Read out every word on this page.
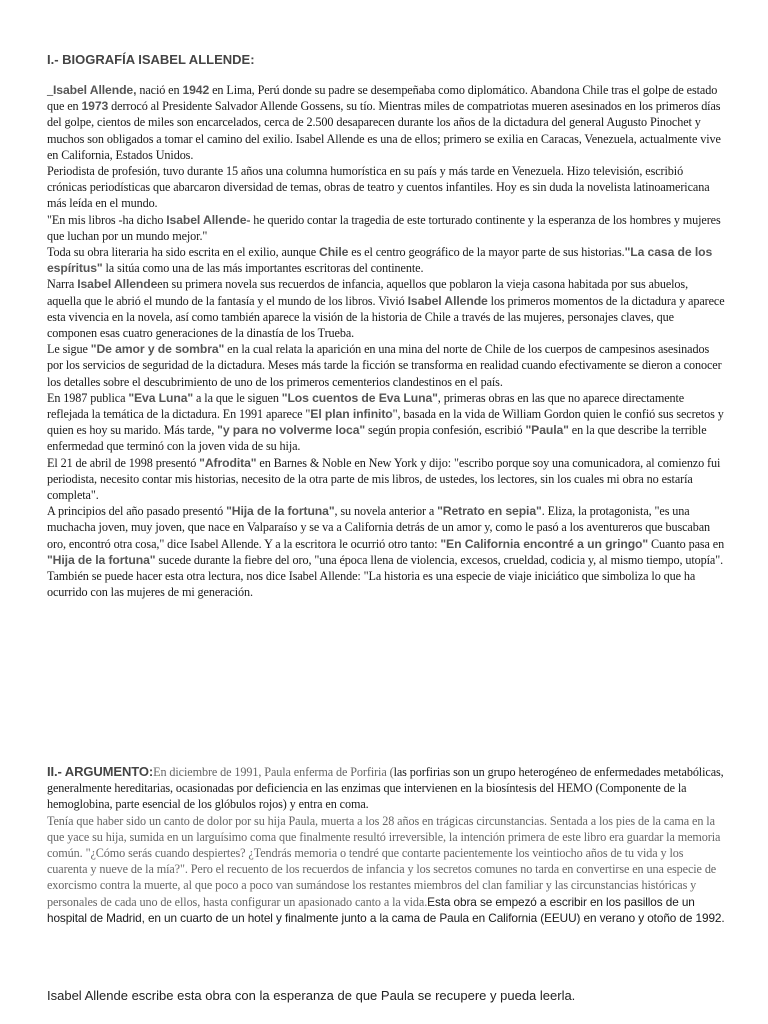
I.- BIOGRAFÍA ISABEL ALLENDE:

_Isabel Allende, nació en 1942 en Lima, Perú donde su padre se desempeñaba como diplomático. Abandona Chile tras el golpe de estado que en 1973 derrocó al Presidente Salvador Allende Gossens, su tío. Mientras miles de compatriotas mueren asesinados en los primeros días del golpe, cientos de miles son encarcelados, cerca de 2.500 desaparecen durante los años de la dictadura del general Augusto Pinochet y muchos son obligados a tomar el camino del exilio. Isabel Allende es una de ellos; primero se exilia en Caracas, Venezuela, actualmente vive en California, Estados Unidos.

Periodista de profesión, tuvo durante 15 años una columna humorística en su país y más tarde en Venezuela. Hizo televisión, escribió crónicas periodísticas que abarcaron diversidad de temas, obras de teatro y cuentos infantiles. Hoy es sin duda la novelista latinoamericana más leída en el mundo.

"En mis libros -ha dicho Isabel Allende- he querido contar la tragedia de este torturado continente y la esperanza de los hombres y mujeres que luchan por un mundo mejor."

Toda su obra literaria ha sido escrita en el exilio, aunque Chile es el centro geográfico de la mayor parte de sus historias."La casa de los espíritus" la sitúa como una de las más importantes escritoras del continente.

Narra Isabel Allendeen su primera novela sus recuerdos de infancia, aquellos que poblaron la vieja casona habitada por sus abuelos, aquella que le abrió el mundo de la fantasía y el mundo de los libros. Vivió Isabel Allende los primeros momentos de la dictadura y aparece esta vivencia en la novela, así como también aparece la visión de la historia de Chile a través de las mujeres, personajes claves, que componen esas cuatro generaciones de la dinastía de los Trueba.

Le sigue "De amor y de sombra" en la cual relata la aparición en una mina del norte de Chile de los cuerpos de campesinos asesinados por los servicios de seguridad de la dictadura. Meses más tarde la ficción se transforma en realidad cuando efectivamente se dieron a conocer los detalles sobre el descubrimiento de uno de los primeros cementerios clandestinos en el país.

En 1987 publica "Eva Luna" a la que le siguen "Los cuentos de Eva Luna", primeras obras en las que no aparece directamente reflejada la temática de la dictadura. En 1991 aparece "El plan infinito", basada en la vida de William Gordon quien le confió sus secretos y quien es hoy su marido. Más tarde, "y para no volverme loca" según propia confesión, escribió "Paula" en la que describe la terrible enfermedad que terminó con la joven vida de su hija.

El 21 de abril de 1998 presentó "Afrodita" en Barnes & Noble en New York y dijo: "escribo porque soy una comunicadora, al comienzo fui periodista, necesito contar mis historias, necesito de la otra parte de mis libros, de ustedes, los lectores, sin los cuales mi obra no estaría completa".

A principios del año pasado presentó "Hija de la fortuna", su novela anterior a "Retrato en sepia". Eliza, la protagonista, "es una muchacha joven, muy joven, que nace en Valparaíso y se va a California detrás de un amor y, como le pasó a los aventureros que buscaban oro, encontró otra cosa," dice Isabel Allende. Y a la escritora le ocurrió otro tanto: "En California encontré a un gringo" Cuanto pasa en "Hija de la fortuna" sucede durante la fiebre del oro, "una época llena de violencia, excesos, crueldad, codicia y, al mismo tiempo, utopía". También se puede hacer esta otra lectura, nos dice Isabel Allende: "La historia es una especie de viaje iniciático que simboliza lo que ha ocurrido con las mujeres de mi generación.

II.- ARGUMENTO:En diciembre de 1991, Paula enferma de Porfiria (las porfirias son un grupo heterogéneo de enfermedades metabólicas, generalmente hereditarias, ocasionadas por deficiencia en las enzimas que intervienen en la biosíntesis del HEMO (Componente de la hemoglobina, parte esencial de los glóbulos rojos) y entra en coma.

Tenía que haber sido un canto de dolor por su hija Paula, muerta a los 28 años en trágicas circunstancias. Sentada a los pies de la cama en la que yace su hija, sumida en un larguísimo coma que finalmente resultó irreversible, la intención primera de este libro era guardar la memoria común. "¿Cómo serás cuando despiertes? ¿Tendrás memoria o tendré que contarte pacientemente los veintiocho años de tu vida y los cuarenta y nueve de la mía?". Pero el recuento de los recuerdos de infancia y los secretos comunes no tarda en convertirse en una especie de exorcismo contra la muerte, al que poco a poco van sumándose los restantes miembros del clan familiar y las circunstancias históricas y personales de cada uno de ellos, hasta configurar un apasionado canto a la vida.Esta obra se empezó a escribir en los pasillos de un hospital de Madrid, en un cuarto de un hotel y finalmente junto a la cama de Paula en California (EEUU) en verano y otoño de 1992.

Isabel Allende escribe esta obra con la esperanza de que Paula se recupere y pueda leerla.
